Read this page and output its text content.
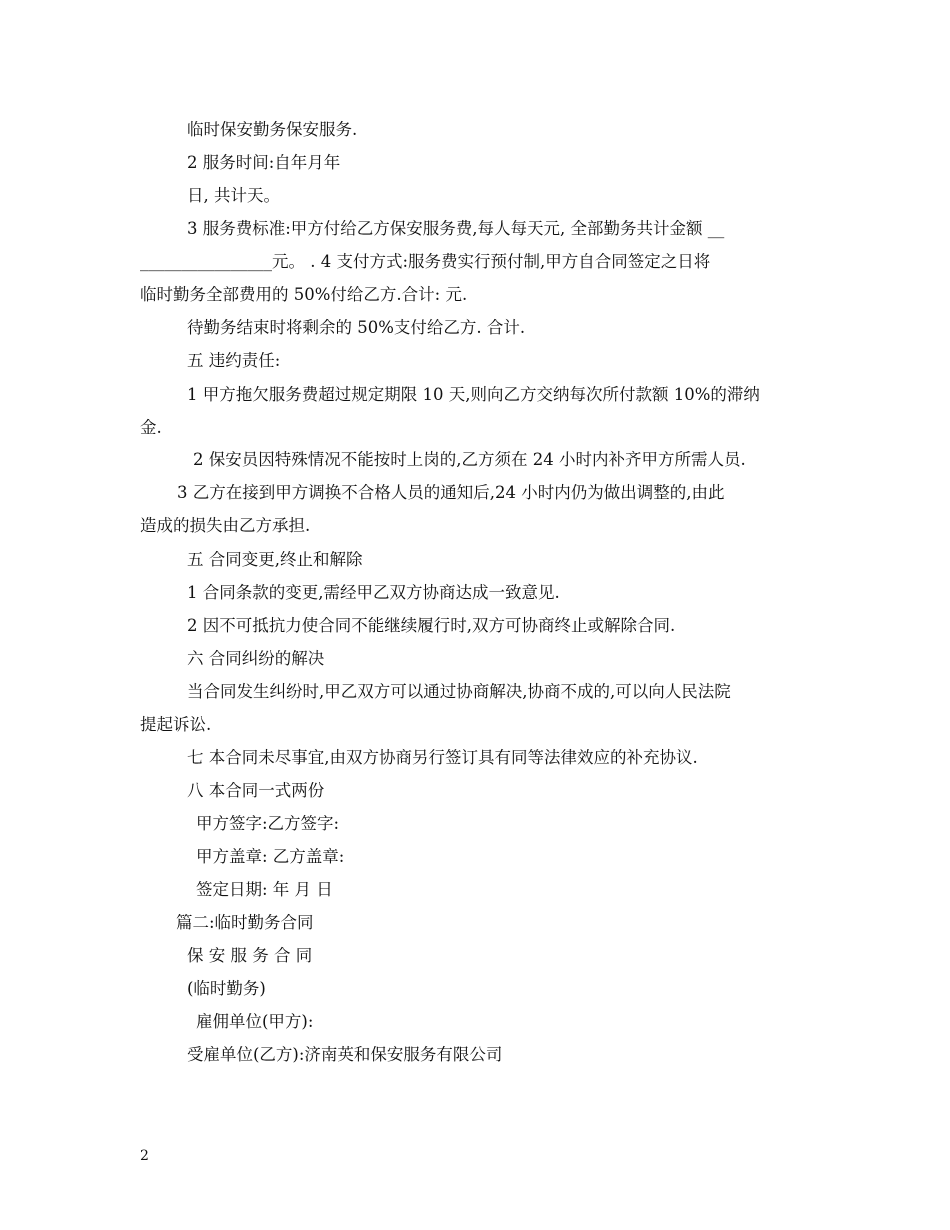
临时保安勤务保安服务.
2 服务时间:自年月年
日, 共计天。
3 服务费标准:甲方付给乙方保安服务费,每人每天元, 全部勤务共计金额 __
________________元。 . 4 支付方式:服务费实行预付制,甲方自合同签定之日将
临时勤务全部费用的 50%付给乙方.合计: 元.
待勤务结束时将剩余的 50%支付给乙方. 合计.
五 违约责任:
1 甲方拖欠服务费超过规定期限 10 天,则向乙方交纳每次所付款额 10%的滞纳
金.
2 保安员因特殊情况不能按时上岗的,乙方须在 24 小时内补齐甲方所需人员.
3 乙方在接到甲方调换不合格人员的通知后,24 小时内仍为做出调整的,由此
造成的损失由乙方承担.
五 合同变更,终止和解除
1 合同条款的变更,需经甲乙双方协商达成一致意见.
2 因不可抵抗力使合同不能继续履行时,双方可协商终止或解除合同.
六 合同纠纷的解决
当合同发生纠纷时,甲乙双方可以通过协商解决,协商不成的,可以向人民法院
提起诉讼.
七 本合同未尽事宜,由双方协商另行签订具有同等法律效应的补充协议.
八 本合同一式两份
甲方签字:乙方签字:
甲方盖章: 乙方盖章:
签定日期: 年 月 日
篇二:临时勤务合同
保 安 服 务 合 同
(临时勤务)
雇佣单位(甲方):
受雇单位(乙方):济南英和保安服务有限公司
2
